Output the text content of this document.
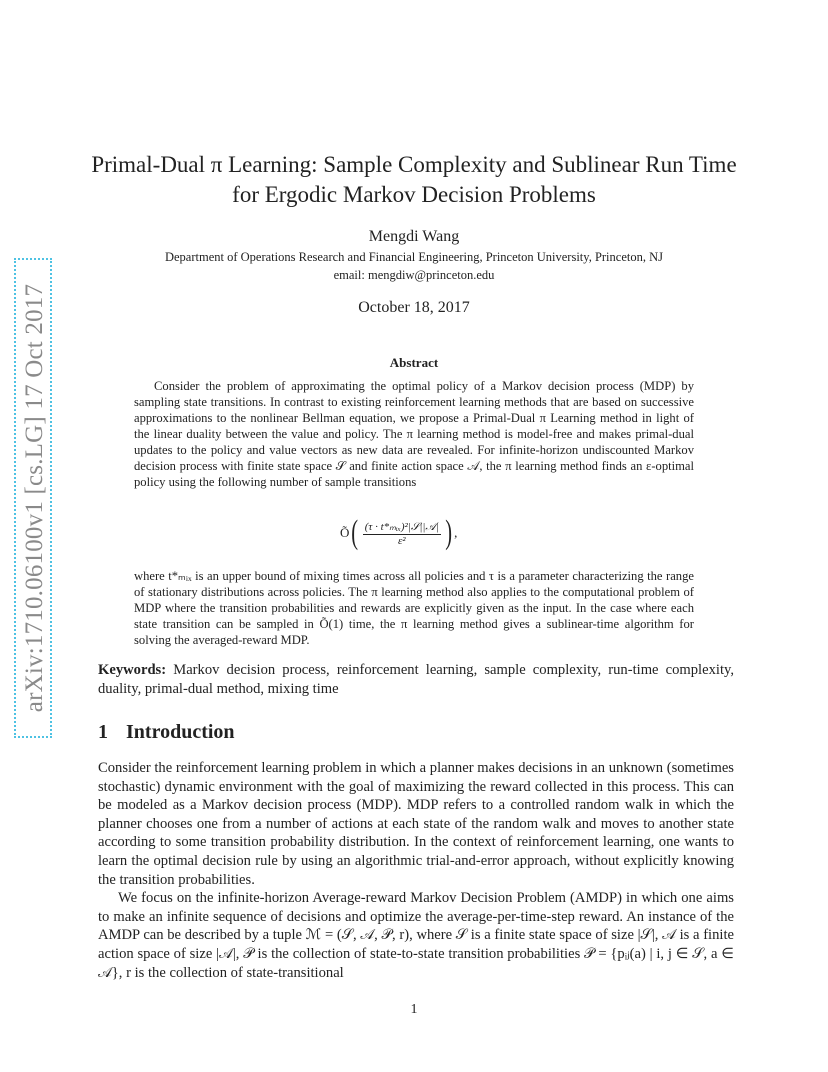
arXiv:1710.06100v1 [cs.LG] 17 Oct 2017
Primal-Dual π Learning: Sample Complexity and Sublinear Run Time for Ergodic Markov Decision Problems
Mengdi Wang
Department of Operations Research and Financial Engineering, Princeton University, Princeton, NJ
email: mengdiw@princeton.edu
October 18, 2017
Abstract

Consider the problem of approximating the optimal policy of a Markov decision process (MDP) by sampling state transitions. In contrast to existing reinforcement learning methods that are based on successive approximations to the nonlinear Bellman equation, we propose a Primal-Dual π Learning method in light of the linear duality between the value and policy. The π learning method is model-free and makes primal-dual updates to the policy and value vectors as new data are revealed. For infinite-horizon undiscounted Markov decision process with finite state space 𝒮 and finite action space 𝒜, the π learning method finds an ε-optimal policy using the following number of sample transitions

Õ ( $\frac{\text{(τ · t*ₘᵢₓ)²|𝒮||𝒜|}}{\text{ε²}}$ ) ,

where t*ₘᵢₓ is an upper bound of mixing times across all policies and τ is a parameter characterizing the range of stationary distributions across policies. The π learning method also applies to the computational problem of MDP where the transition probabilities and rewards are explicitly given as the input. In the case where each state transition can be sampled in Õ(1) time, the π learning method gives a sublinear-time algorithm for solving the averaged-reward MDP.

Keywords: Markov decision process, reinforcement learning, sample complexity, run-time complexity, duality, primal-dual method, mixing time

1 Introduction

Consider the reinforcement learning problem in which a planner makes decisions in an unknown (sometimes stochastic) dynamic environment with the goal of maximizing the reward collected in this process. This can be modeled as a Markov decision process (MDP). MDP refers to a controlled random walk in which the planner chooses one from a number of actions at each state of the random walk and moves to another state according to some transition probability distribution. In the context of reinforcement learning, one wants to learn the optimal decision rule by using an algorithmic trial-and-error approach, without explicitly knowing the transition probabilities.

We focus on the infinite-horizon Average-reward Markov Decision Problem (AMDP) in which one aims to make an infinite sequence of decisions and optimize the average-per-time-step reward. An instance of the AMDP can be described by a tuple ℳ = (𝒮, 𝒜, 𝒫, r), where 𝒮 is a finite state space of size |𝒮|, 𝒜 is a finite action space of size |𝒜|, 𝒫 is the collection of state-to-state transition probabilities 𝒫 = {pᵢⱼ(a) | i, j ∈ 𝒮, a ∈ 𝒜}, r is the collection of state-transitional

1
